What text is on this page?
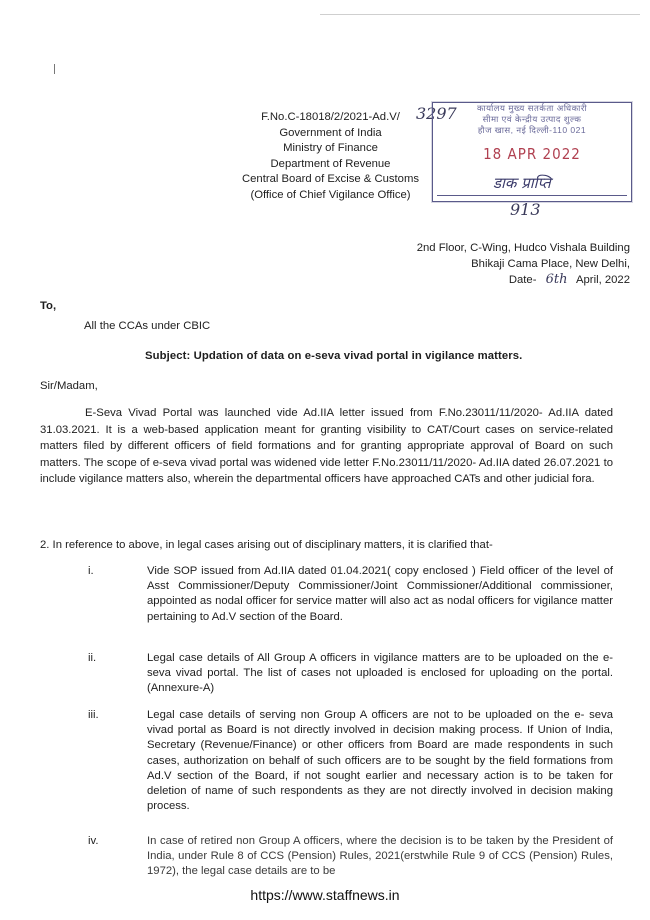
F.No.C-18018/2/2021-Ad.V/ 3297
Government of India
Ministry of Finance
Department of Revenue
Central Board of Excise & Customs
(Office of Chief Vigilance Office)
कार्यालय मुख्य सतर्कता अधिकारी
सीमा एवं केन्द्रीय उत्पाद शुल्क
हौज खास, नई दिल्ली-110 021
18 APR 2022
डाक प्राप्ति
913
2nd Floor, C-Wing, Hudco Vishala Building
Bhikaji Cama Place, New Delhi,
Date- 6th April, 2022
To,
All the CCAs under CBIC
Subject: Updation of data on e-seva vivad portal in vigilance matters.
Sir/Madam,
E-Seva Vivad Portal was launched vide Ad.IIA letter issued from F.No.23011/11/2020- Ad.IIA dated 31.03.2021. It is a web-based application meant for granting visibility to CAT/Court cases on service-related matters filed by different officers of field formations and for granting appropriate approval of Board on such matters. The scope of e-seva vivad portal was widened vide letter F.No.23011/11/2020- Ad.IIA dated 26.07.2021 to include vigilance matters also, wherein the departmental officers have approached CATs and other judicial fora.
2. In reference to above, in legal cases arising out of disciplinary matters, it is clarified that-
i.	Vide SOP issued from Ad.IIA dated 01.04.2021( copy enclosed ) Field officer of the level of Asst Commissioner/Deputy Commissioner/Joint Commissioner/Additional commissioner, appointed as nodal officer for service matter will also act as nodal officers for vigilance matter pertaining to Ad.V section of the Board.
ii.	Legal case details of All Group A officers in vigilance matters are to be uploaded on the e-seva vivad portal. The list of cases not uploaded is enclosed for uploading on the portal.(Annexure-A)
iii.	Legal case details of serving non Group A officers are not to be uploaded on the e- seva vivad portal as Board is not directly involved in decision making process. If Union of India, Secretary (Revenue/Finance) or other officers from Board are made respondents in such cases, authorization on behalf of such officers are to be sought by the field formations from Ad.V section of the Board, if not sought earlier and necessary action is to be taken for deletion of name of such respondents as they are not directly involved in decision making process.
iv.	In case of retired non Group A officers, where the decision is to be taken by the President of India, under Rule 8 of CCS (Pension) Rules, 2021(erstwhile Rule 9 of CCS (Pension) Rules, 1972), the legal case details are to be
https://www.staffnews.in
